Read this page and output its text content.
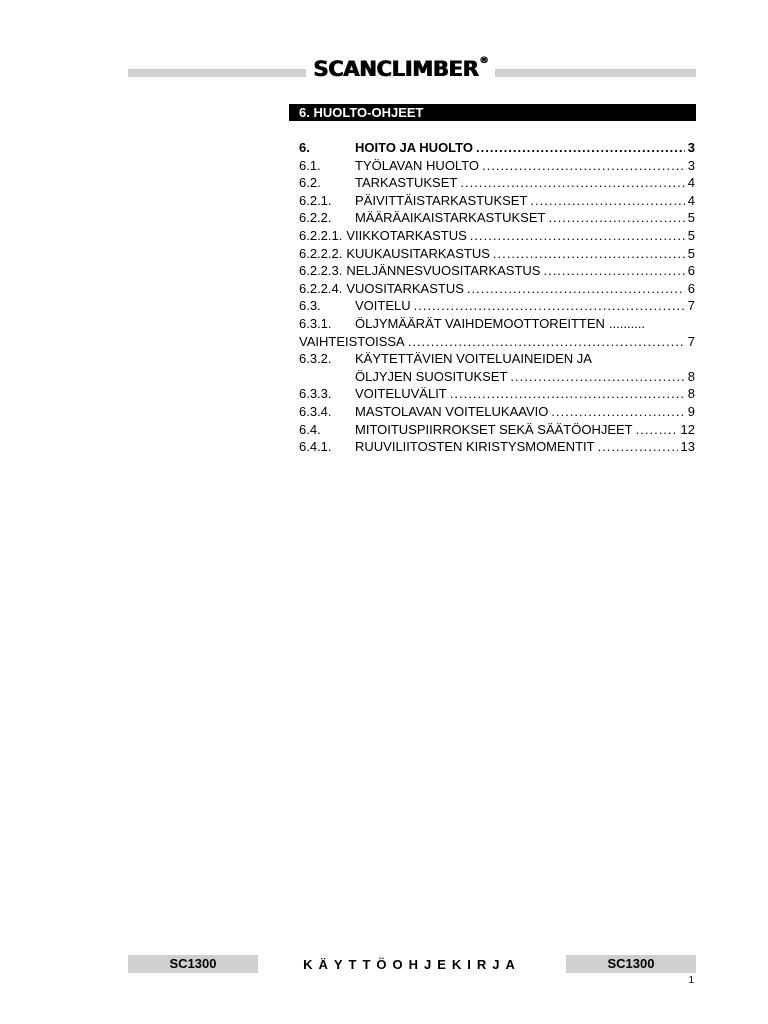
SCANCLIMBER®
6. HUOLTO-OHJEET
6.	HOITO JA HUOLTO .....	3
6.1.	TYÖLAVAN HUOLTO .....	3
6.2.	TARKASTUKSET .....	4
6.2.1.	PÄIVITTÄISTARKASTUKSET .....	4
6.2.2.	MÄÄRÄAIKAISTARKASTUKSET .....	5
6.2.2.1. VIIKKOTARKASTUS .....	5
6.2.2.2. KUUKAUSITARKASTUS .....	5
6.2.2.3. NELJÄNNESVUOSITARKASTUS .....	6
6.2.2.4. VUOSITARKASTUS .....	6
6.3.	VOITELU .....	7
6.3.1.	ÖLJYMÄÄRÄT VAIHDEMOOTTOREITTEN ..........
VAIHTEISTOISSA .....	7
6.3.2.	KÄYTETTÄVIEN VOITELUAINEIDEN JA
ÖLJYJEN SUOSITUKSET .....	8
6.3.3.	VOITELUVÄLIT .....	8
6.3.4.	MASTOLAVAN VOITELUKAAVIO .....	9
6.4.	MITOITUSPIIRROKSET SEKÄ SÄÄTÖOHJEET .....	12
6.4.1.	RUUVILIITOSTEN KIRISTYSMOMENTIT .....	13
SC1300	KÄYTTÖOHJEKIRJA	SC1300
1
